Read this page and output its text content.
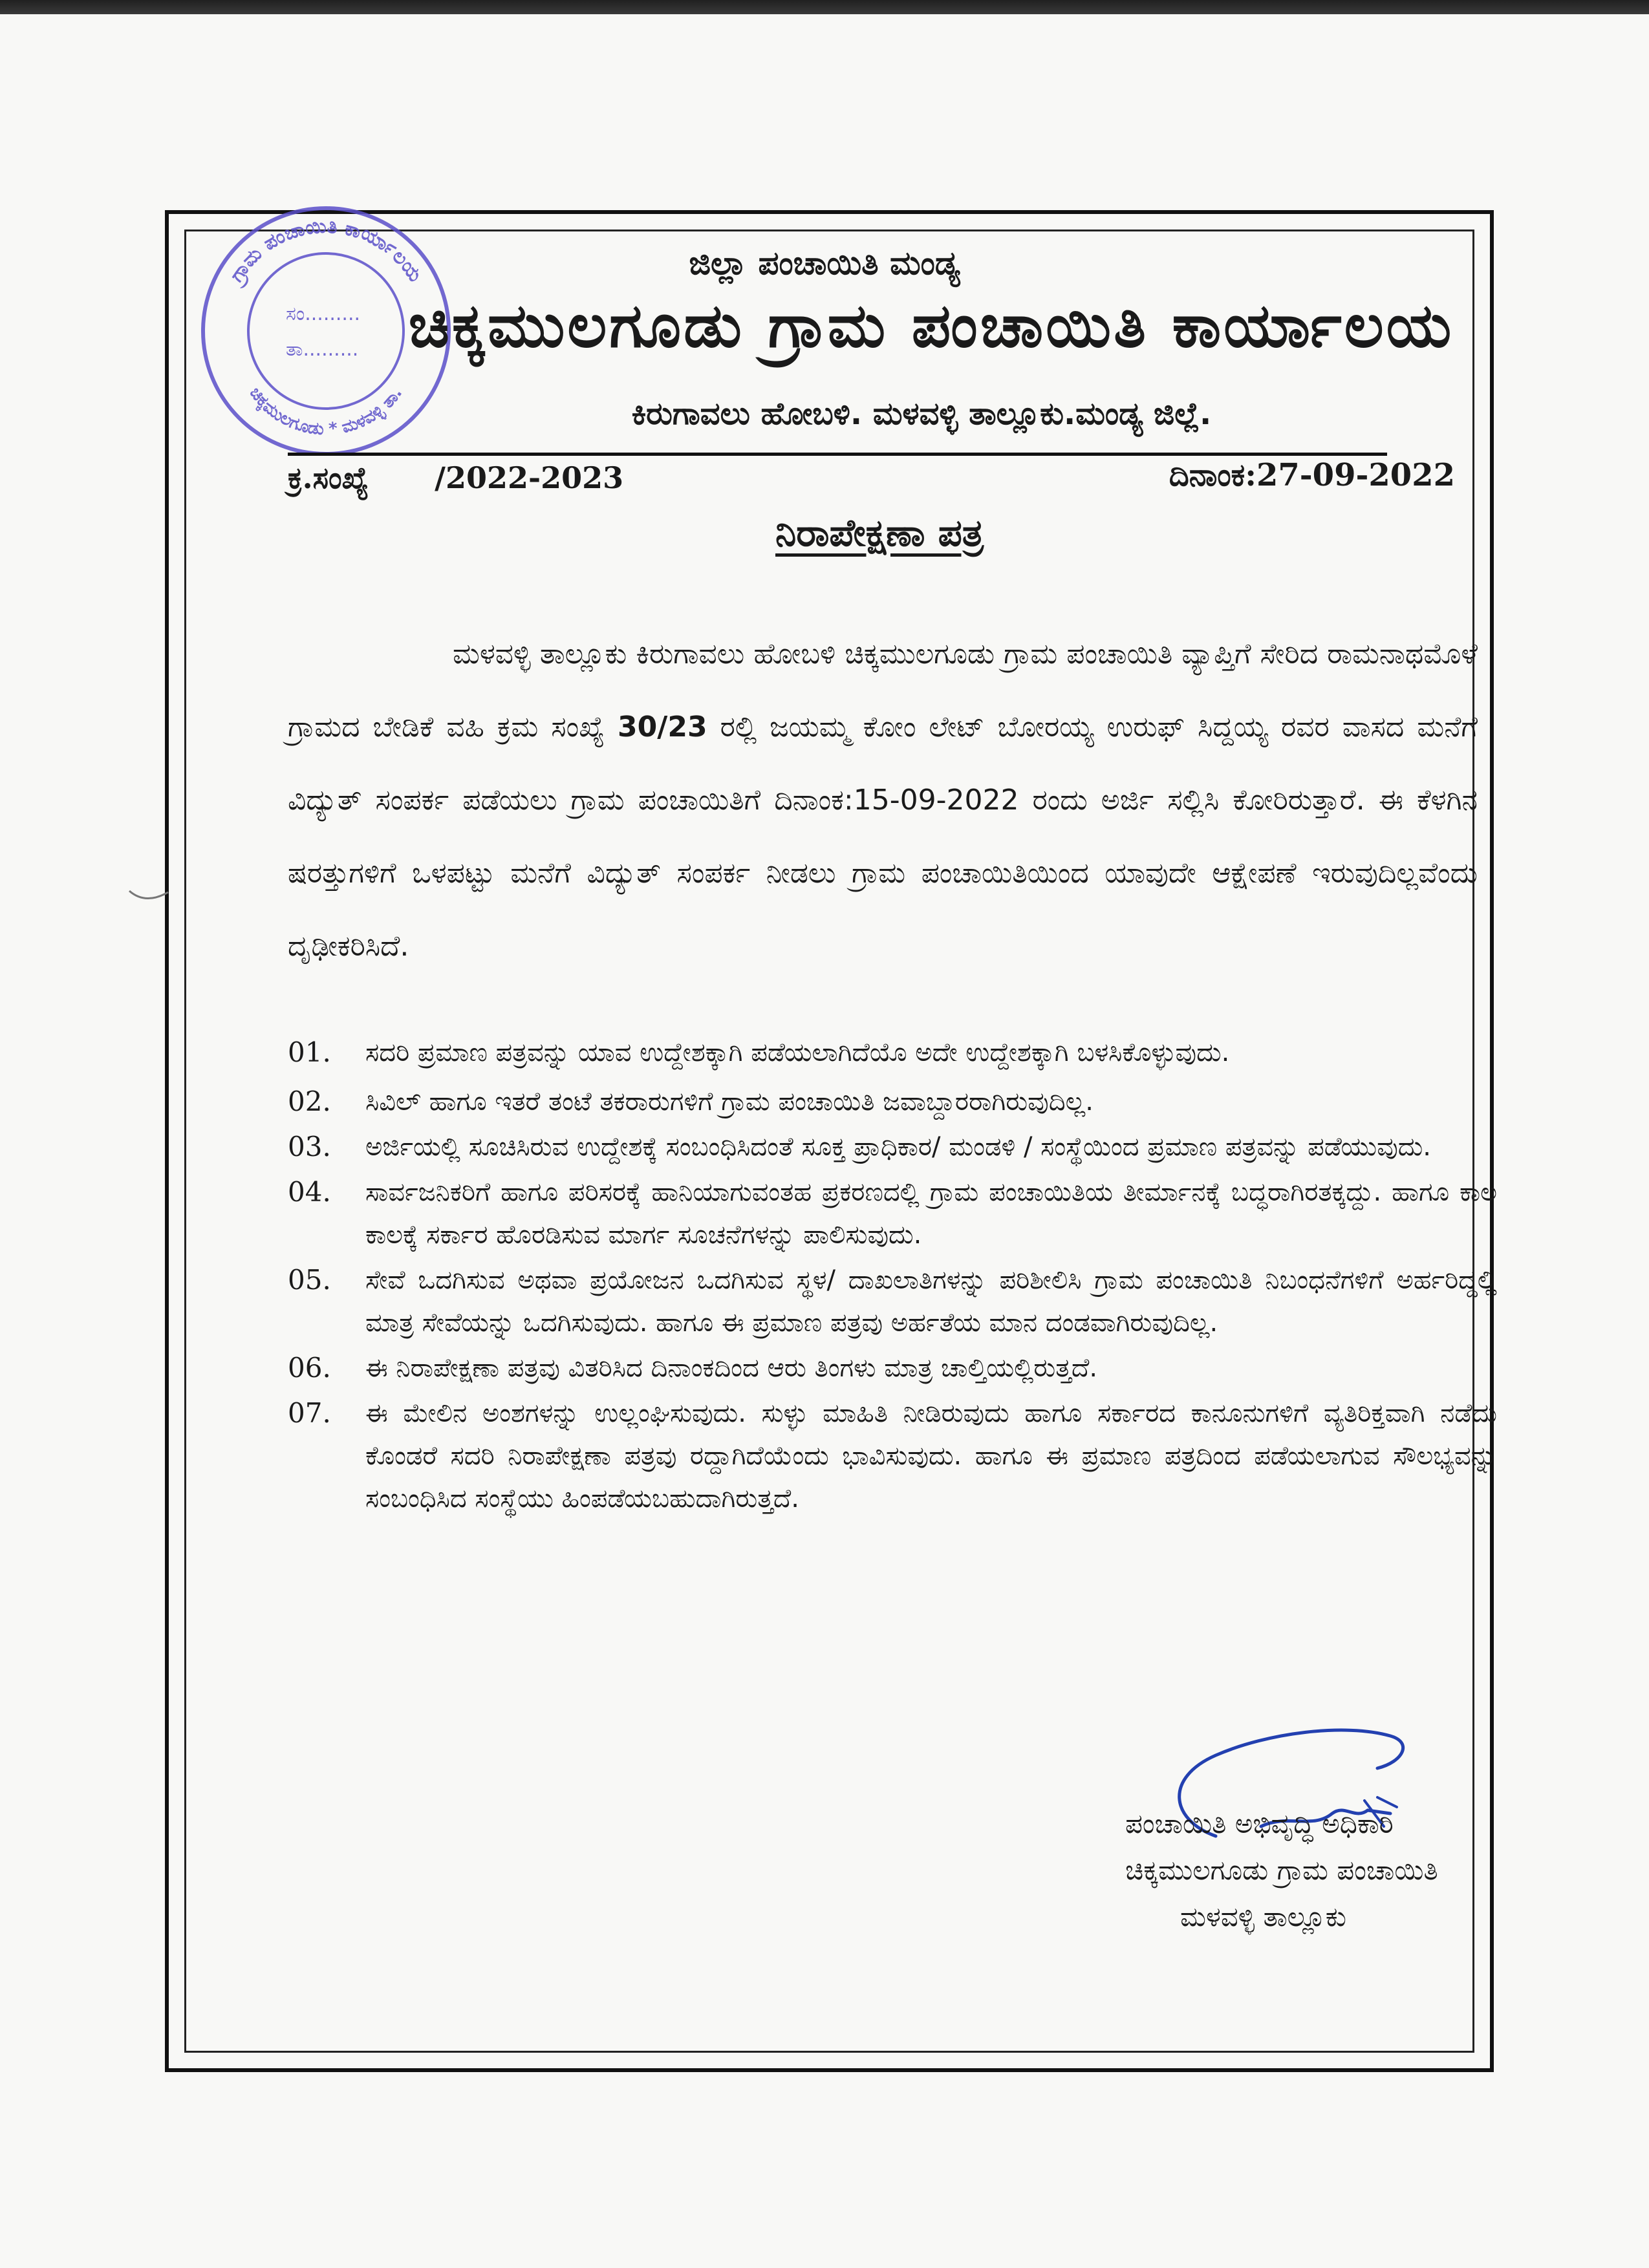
ಗ್ರಾಮ ಪಂಚಾಯಿತಿ ಕಾರ್ಯಾಲಯ
ಚಿಕ್ಕಮುಲಗೂಡು * ಮಳವಳ್ಳಿ ತಾ.
ಸಂ.........
ತಾ.........
ಜಿಲ್ಲಾ ಪಂಚಾಯಿತಿ ಮಂಡ್ಯ
ಚಿಕ್ಕಮುಲಗೂಡು ಗ್ರಾಮ ಪಂಚಾಯಿತಿ ಕಾರ್ಯಾಲಯ
ಕಿರುಗಾವಲು ಹೋಬಳಿ. ಮಳವಳ್ಳಿ ತಾಲ್ಲೂಕು.ಮಂಡ್ಯ ಜಿಲ್ಲೆ.
ಕ್ರ.ಸಂಖ್ಯೆ /2022-2023	ದಿನಾಂಕ:27-09-2022
ನಿರಾಪೇಕ್ಷಣಾ ಪತ್ರ

ಮಳವಳ್ಳಿ ತಾಲ್ಲೂಕು ಕಿರುಗಾವಲು ಹೋಬಳಿ ಚಿಕ್ಕಮುಲಗೂಡು ಗ್ರಾಮ ಪಂಚಾಯಿತಿ ವ್ಯಾಪ್ತಿಗೆ ಸೇರಿದ ರಾಮನಾಥಮೊಳೆ ಗ್ರಾಮದ ಬೇಡಿಕೆ ವಹಿ ಕ್ರಮ ಸಂಖ್ಯೆ 30/23 ರಲ್ಲಿ ಜಯಮ್ಮ ಕೋಂ ಲೇಟ್ ಬೋರಯ್ಯ ಉರುಫ್ ಸಿದ್ದಯ್ಯ ರವರ ವಾಸದ ಮನೆಗೆ ವಿದ್ಯುತ್ ಸಂಪರ್ಕ ಪಡೆಯಲು ಗ್ರಾಮ ಪಂಚಾಯಿತಿಗೆ ದಿನಾಂಕ:15-09-2022 ರಂದು ಅರ್ಜಿ ಸಲ್ಲಿಸಿ ಕೋರಿರುತ್ತಾರೆ. ಈ ಕೆಳಗಿನ ಷರತ್ತುಗಳಿಗೆ ಒಳಪಟ್ಟು ಮನೆಗೆ ವಿದ್ಯುತ್ ಸಂಪರ್ಕ ನೀಡಲು ಗ್ರಾಮ ಪಂಚಾಯಿತಿಯಿಂದ ಯಾವುದೇ ಆಕ್ಷೇಪಣೆ ಇರುವುದಿಲ್ಲವೆಂದು ದೃಢೀಕರಿಸಿದೆ.

01. ಸದರಿ ಪ್ರಮಾಣ ಪತ್ರವನ್ನು ಯಾವ ಉದ್ದೇಶಕ್ಕಾಗಿ ಪಡೆಯಲಾಗಿದೆಯೊ ಅದೇ ಉದ್ದೇಶಕ್ಕಾಗಿ ಬಳಸಿಕೊಳ್ಳುವುದು.
02. ಸಿವಿಲ್ ಹಾಗೂ ಇತರೆ ತಂಟೆ ತಕರಾರುಗಳಿಗೆ ಗ್ರಾಮ ಪಂಚಾಯಿತಿ ಜವಾಬ್ದಾರರಾಗಿರುವುದಿಲ್ಲ.
03. ಅರ್ಜಿಯಲ್ಲಿ ಸೂಚಿಸಿರುವ ಉದ್ದೇಶಕ್ಕೆ ಸಂಬಂಧಿಸಿದಂತೆ ಸೂಕ್ತ ಪ್ರಾಧಿಕಾರ/ ಮಂಡಳಿ / ಸಂಸ್ಥೆಯಿಂದ ಪ್ರಮಾಣ ಪತ್ರವನ್ನು ಪಡೆಯುವುದು.
04. ಸಾರ್ವಜನಿಕರಿಗೆ ಹಾಗೂ ಪರಿಸರಕ್ಕೆ ಹಾನಿಯಾಗುವಂತಹ ಪ್ರಕರಣದಲ್ಲಿ ಗ್ರಾಮ ಪಂಚಾಯಿತಿಯ ತೀರ್ಮಾನಕ್ಕೆ ಬದ್ಧರಾಗಿರತಕ್ಕದ್ದು. ಹಾಗೂ ಕಾಲ ಕಾಲಕ್ಕೆ ಸರ್ಕಾರ ಹೊರಡಿಸುವ ಮಾರ್ಗ ಸೂಚನೆಗಳನ್ನು ಪಾಲಿಸುವುದು.
05. ಸೇವೆ ಒದಗಿಸುವ ಅಥವಾ ಪ್ರಯೋಜನ ಒದಗಿಸುವ ಸ್ಥಳ/ ದಾಖಲಾತಿಗಳನ್ನು ಪರಿಶೀಲಿಸಿ ಗ್ರಾಮ ಪಂಚಾಯಿತಿ ನಿಬಂಧನೆಗಳಿಗೆ ಅರ್ಹರಿದ್ದಲ್ಲಿ ಮಾತ್ರ ಸೇವೆಯನ್ನು ಒದಗಿಸುವುದು. ಹಾಗೂ ಈ ಪ್ರಮಾಣ ಪತ್ರವು ಅರ್ಹತೆಯ ಮಾನ ದಂಡವಾಗಿರುವುದಿಲ್ಲ.
06. ಈ ನಿರಾಪೇಕ್ಷಣಾ ಪತ್ರವು ವಿತರಿಸಿದ ದಿನಾಂಕದಿಂದ ಆರು ತಿಂಗಳು ಮಾತ್ರ ಚಾಲ್ತಿಯಲ್ಲಿರುತ್ತದೆ.
07. ಈ ಮೇಲಿನ ಅಂಶಗಳನ್ನು ಉಲ್ಲಂಘಿಸುವುದು. ಸುಳ್ಳು ಮಾಹಿತಿ ನೀಡಿರುವುದು ಹಾಗೂ ಸರ್ಕಾರದ ಕಾನೂನುಗಳಿಗೆ ವ್ಯತಿರಿಕ್ತವಾಗಿ ನಡೆದು ಕೊಂಡರೆ ಸದರಿ ನಿರಾಪೇಕ್ಷಣಾ ಪತ್ರವು ರದ್ದಾಗಿದೆಯೆಂದು ಭಾವಿಸುವುದು. ಹಾಗೂ ಈ ಪ್ರಮಾಣ ಪತ್ರದಿಂದ ಪಡೆಯಲಾಗುವ ಸೌಲಭ್ಯವನ್ನು ಸಂಬಂಧಿಸಿದ ಸಂಸ್ಥೆಯು ಹಿಂಪಡೆಯಬಹುದಾಗಿರುತ್ತದೆ.
ಪಂಚಾಯಿತಿ ಅಭಿವೃದ್ಧಿ ಅಧಿಕಾರಿ
ಚಿಕ್ಕಮುಲಗೂಡು ಗ್ರಾಮ ಪಂಚಾಯಿತಿ
ಮಳವಳ್ಳಿ ತಾಲ್ಲೂಕು
